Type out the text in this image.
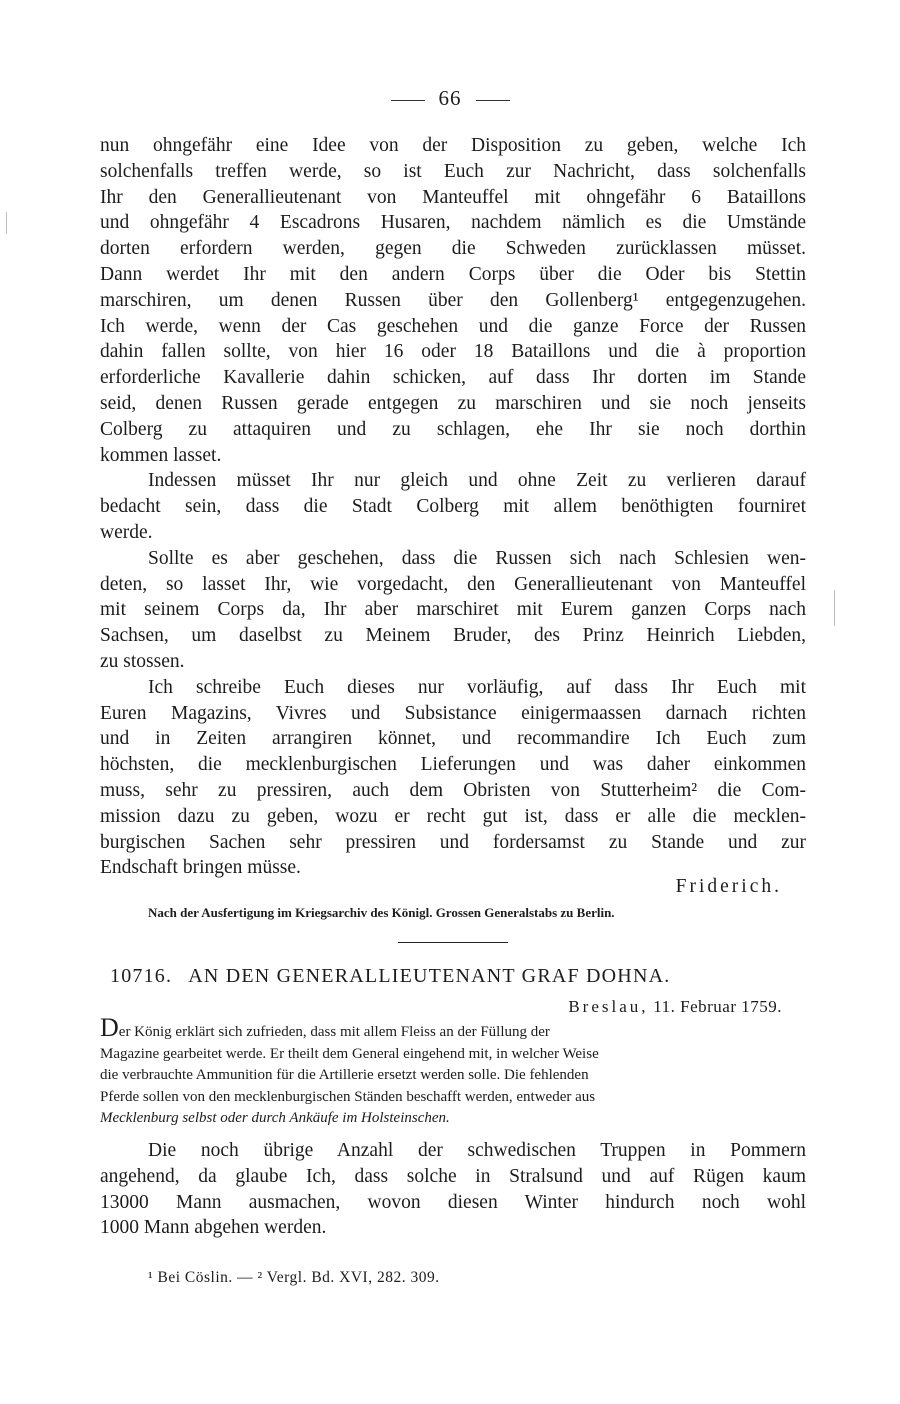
66

nun ohngefähr eine Idee von der Disposition zu geben, welche Ich

solchenfalls treffen werde, so ist Euch zur Nachricht, dass solchenfalls

Ihr den Generallieutenant von Manteuffel mit ohngefähr 6 Bataillons

und ohngefähr 4 Escadrons Husaren, nachdem nämlich es die Umstände

dorten erfordern werden, gegen die Schweden zurücklassen müsset.

Dann werdet Ihr mit den andern Corps über die Oder bis Stettin

marschiren, um denen Russen über den Gollenberg¹ entgegenzugehen.

Ich werde, wenn der Cas geschehen und die ganze Force der Russen

dahin fallen sollte, von hier 16 oder 18 Bataillons und die à proportion

erforderliche Kavallerie dahin schicken, auf dass Ihr dorten im Stande

seid, denen Russen gerade entgegen zu marschiren und sie noch jenseits

Colberg zu attaquiren und zu schlagen, ehe Ihr sie noch dorthin

kommen lasset.

Indessen müsset Ihr nur gleich und ohne Zeit zu verlieren darauf

bedacht sein, dass die Stadt Colberg mit allem benöthigten fourniret

werde.

Sollte es aber geschehen, dass die Russen sich nach Schlesien wen-

deten, so lasset Ihr, wie vorgedacht, den Generallieutenant von Manteuffel

mit seinem Corps da, Ihr aber marschiret mit Eurem ganzen Corps nach

Sachsen, um daselbst zu Meinem Bruder, des Prinz Heinrich Liebden,

zu stossen.

Ich schreibe Euch dieses nur vorläufig, auf dass Ihr Euch mit

Euren Magazins, Vivres und Subsistance einigermaassen darnach richten

und in Zeiten arrangiren könnet, und recommandire Ich Euch zum

höchsten, die mecklenburgischen Lieferungen und was daher einkommen

muss, sehr zu pressiren, auch dem Obristen von Stutterheim² die Com-

mission dazu zu geben, wozu er recht gut ist, dass er alle die mecklen-

burgischen Sachen sehr pressiren und fordersamst zu Stande und zur

Endschaft bringen müsse.

Friderich.
Nach der Ausfertigung im Kriegsarchiv des Königl. Grossen Generalstabs zu Berlin.
10716. AN DEN GENERALLIEUTENANT GRAF DOHNA.
Breslau, 11. Februar 1759.

Der König erklärt sich zufrieden, dass mit allem Fleiss an der Füllung der

Magazine gearbeitet werde. Er theilt dem General eingehend mit, in welcher Weise

die verbrauchte Ammunition für die Artillerie ersetzt werden solle. Die fehlenden

Pferde sollen von den mecklenburgischen Ständen beschafft werden, entweder aus

Mecklenburg selbst oder durch Ankäufe im Holsteinschen.

Die noch übrige Anzahl der schwedischen Truppen in Pommern

angehend, da glaube Ich, dass solche in Stralsund und auf Rügen kaum

13000 Mann ausmachen, wovon diesen Winter hindurch noch wohl

1000 Mann abgehen werden.

¹ Bei Cöslin. — ² Vergl. Bd. XVI, 282. 309.
